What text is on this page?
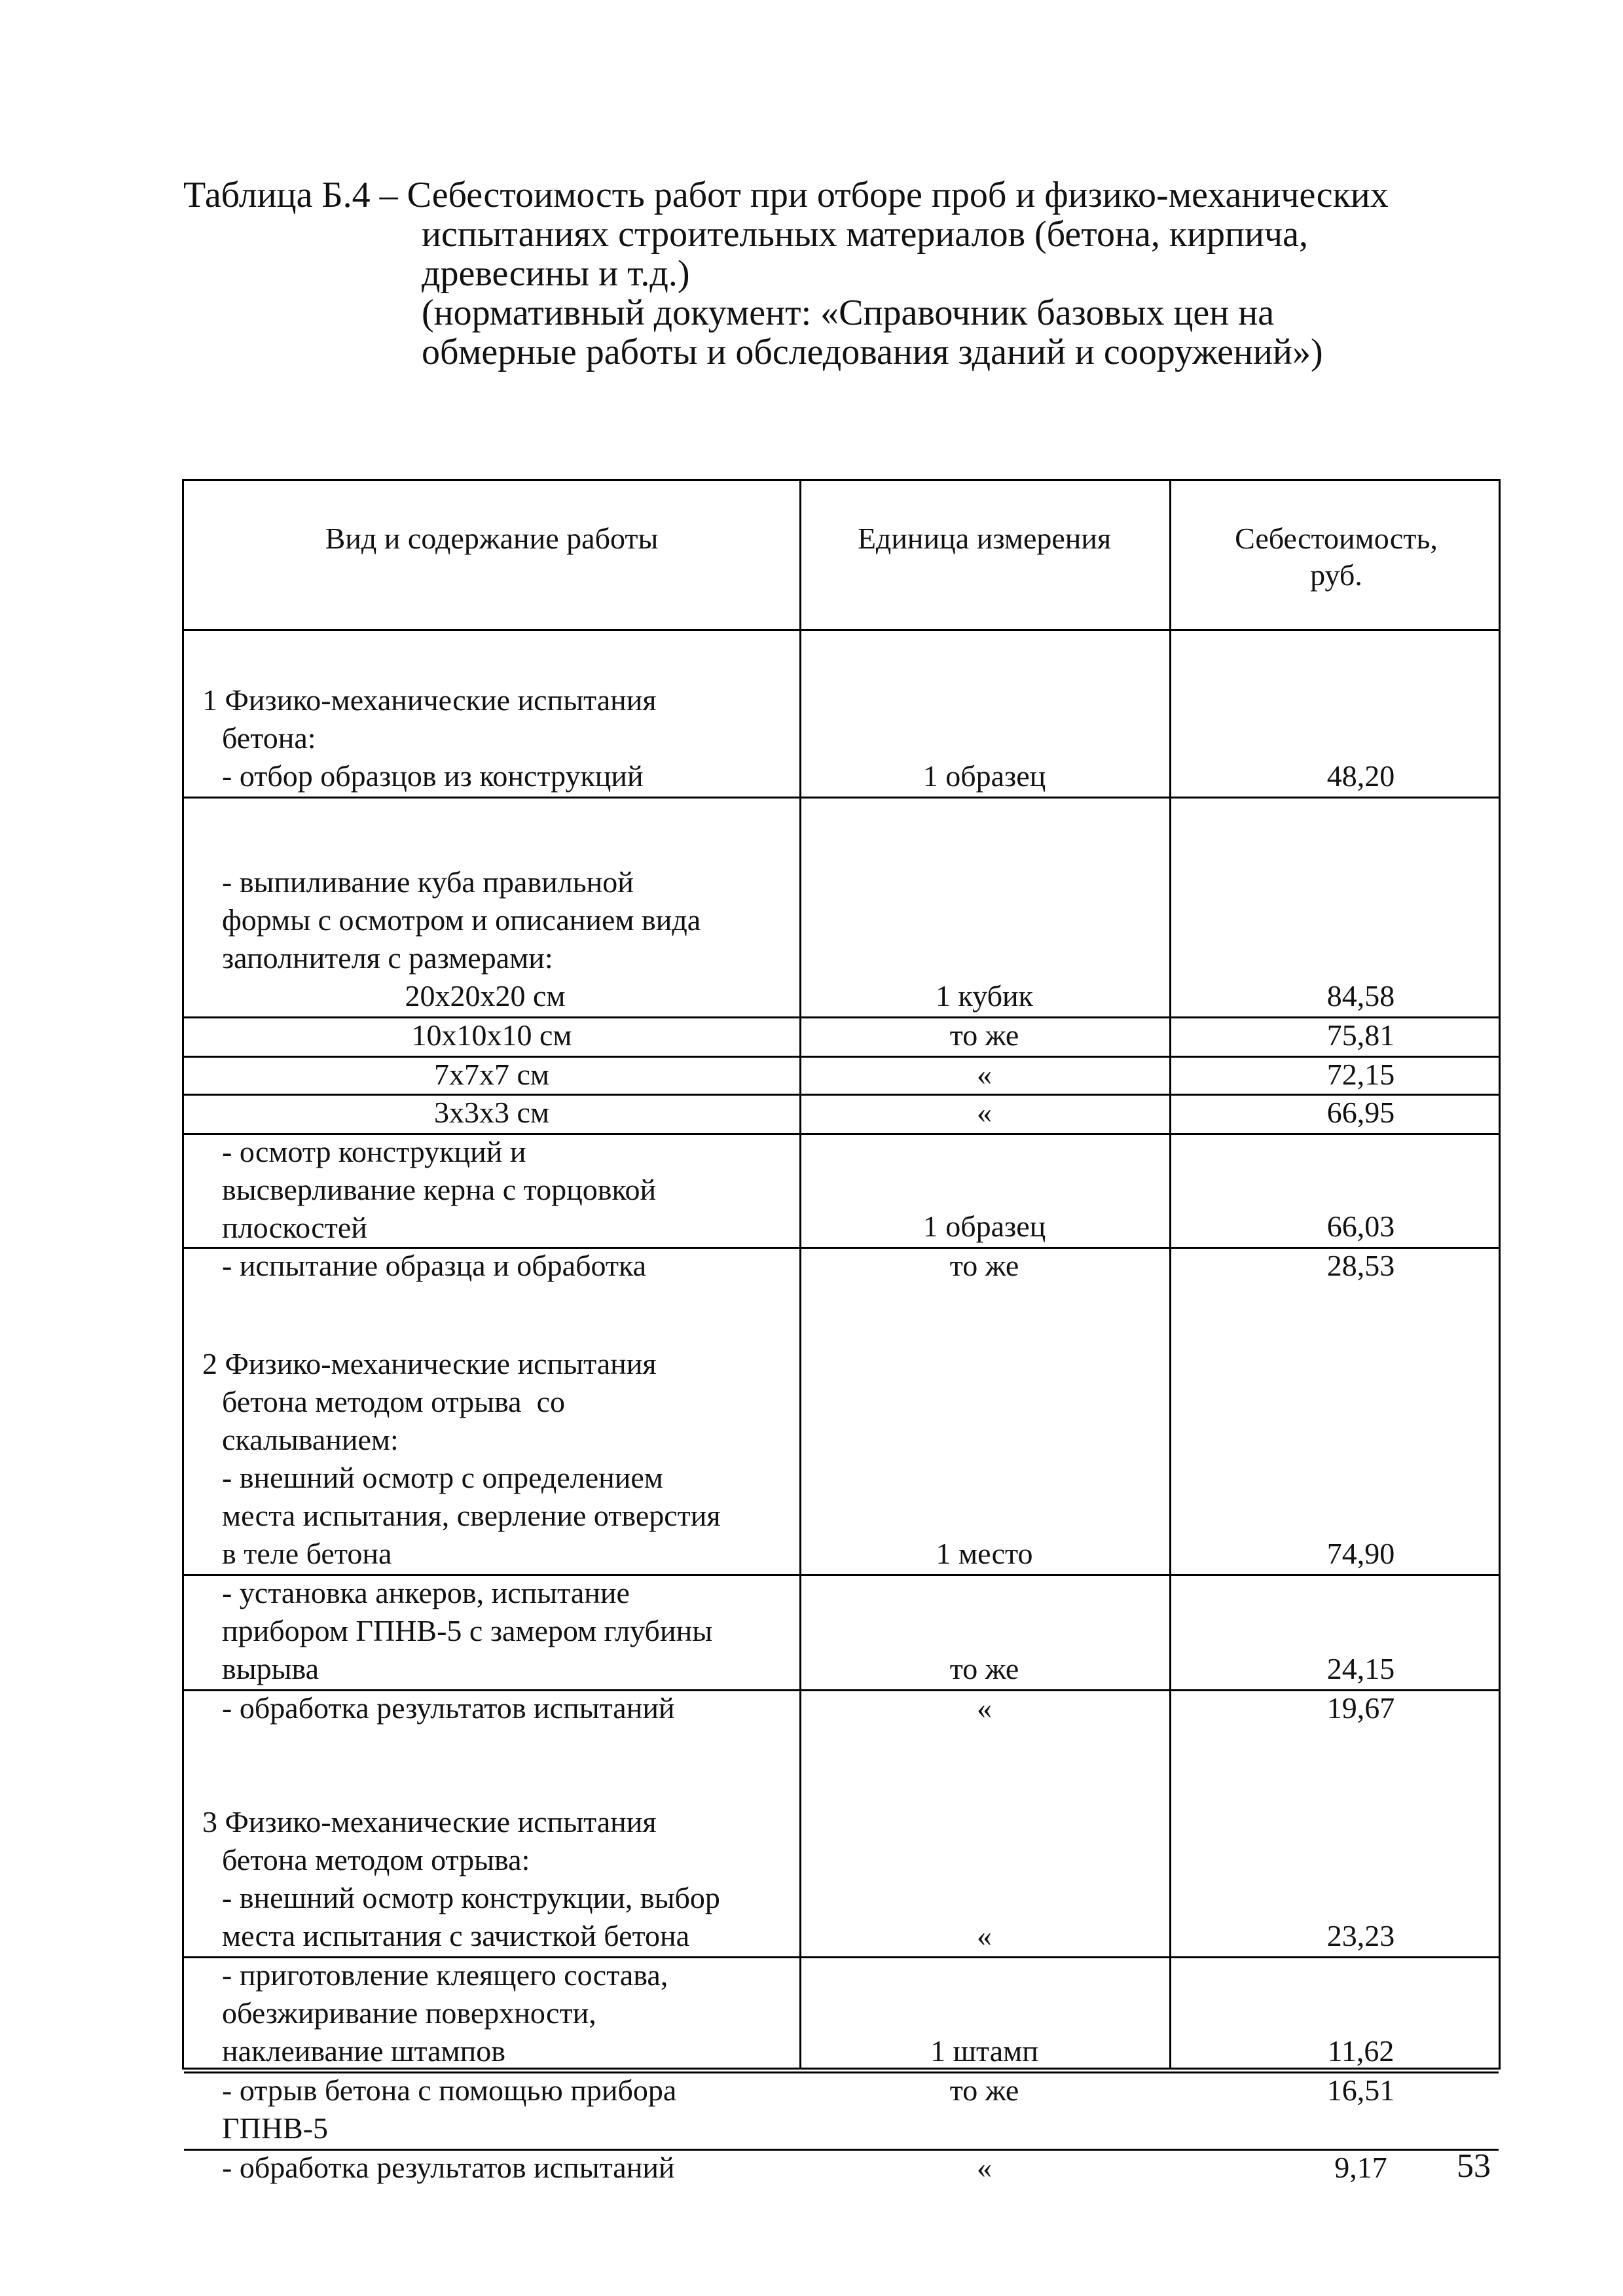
Таблица Б.4 – Себестоимость работ при отборе проб и физико-механических
испытаниях строительных материалов (бетона, кирпича,
древесины и т.д.)
(нормативный документ: «Справочник базовых цен на
обмерные работы и обследования зданий и сооружений»)
Вид и содержание работы	Единица измерения	Себестоимость,
руб.
1 Физико-механические испытания
бетона:
- отбор образцов из конструкций	1 образец	48,20
- выпиливание куба правильной
формы с осмотром и описанием вида
заполнителя с размерами:
20х20х20 см	1 кубик	84,58
10х10х10 см	то же	75,81
7х7х7 см	«	72,15
3х3х3 см	«	66,95
- осмотр конструкций и
высверливание керна с торцовкой
плоскостей	1 образец	66,03
- испытание образца и обработка	то же	28,53
2 Физико-механические испытания
бетона методом отрыва  со
скалыванием:
- внешний осмотр с определением
места испытания, сверление отверстия
в теле бетона	1 место	74,90
- установка анкеров, испытание
прибором ГПНВ-5 с замером глубины
вырыва	то же	24,15
- обработка результатов испытаний	«	19,67
3 Физико-механические испытания
бетона методом отрыва:
- внешний осмотр конструкции, выбор
места испытания с зачисткой бетона	«	23,23
- приготовление клеящего состава,
обезжиривание поверхности,
наклеивание штампов	1 штамп	11,62
- отрыв бетона с помощью прибора
ГПНВ-5
то же	16,51
- обработка результатов испытаний	«	9,17	53
